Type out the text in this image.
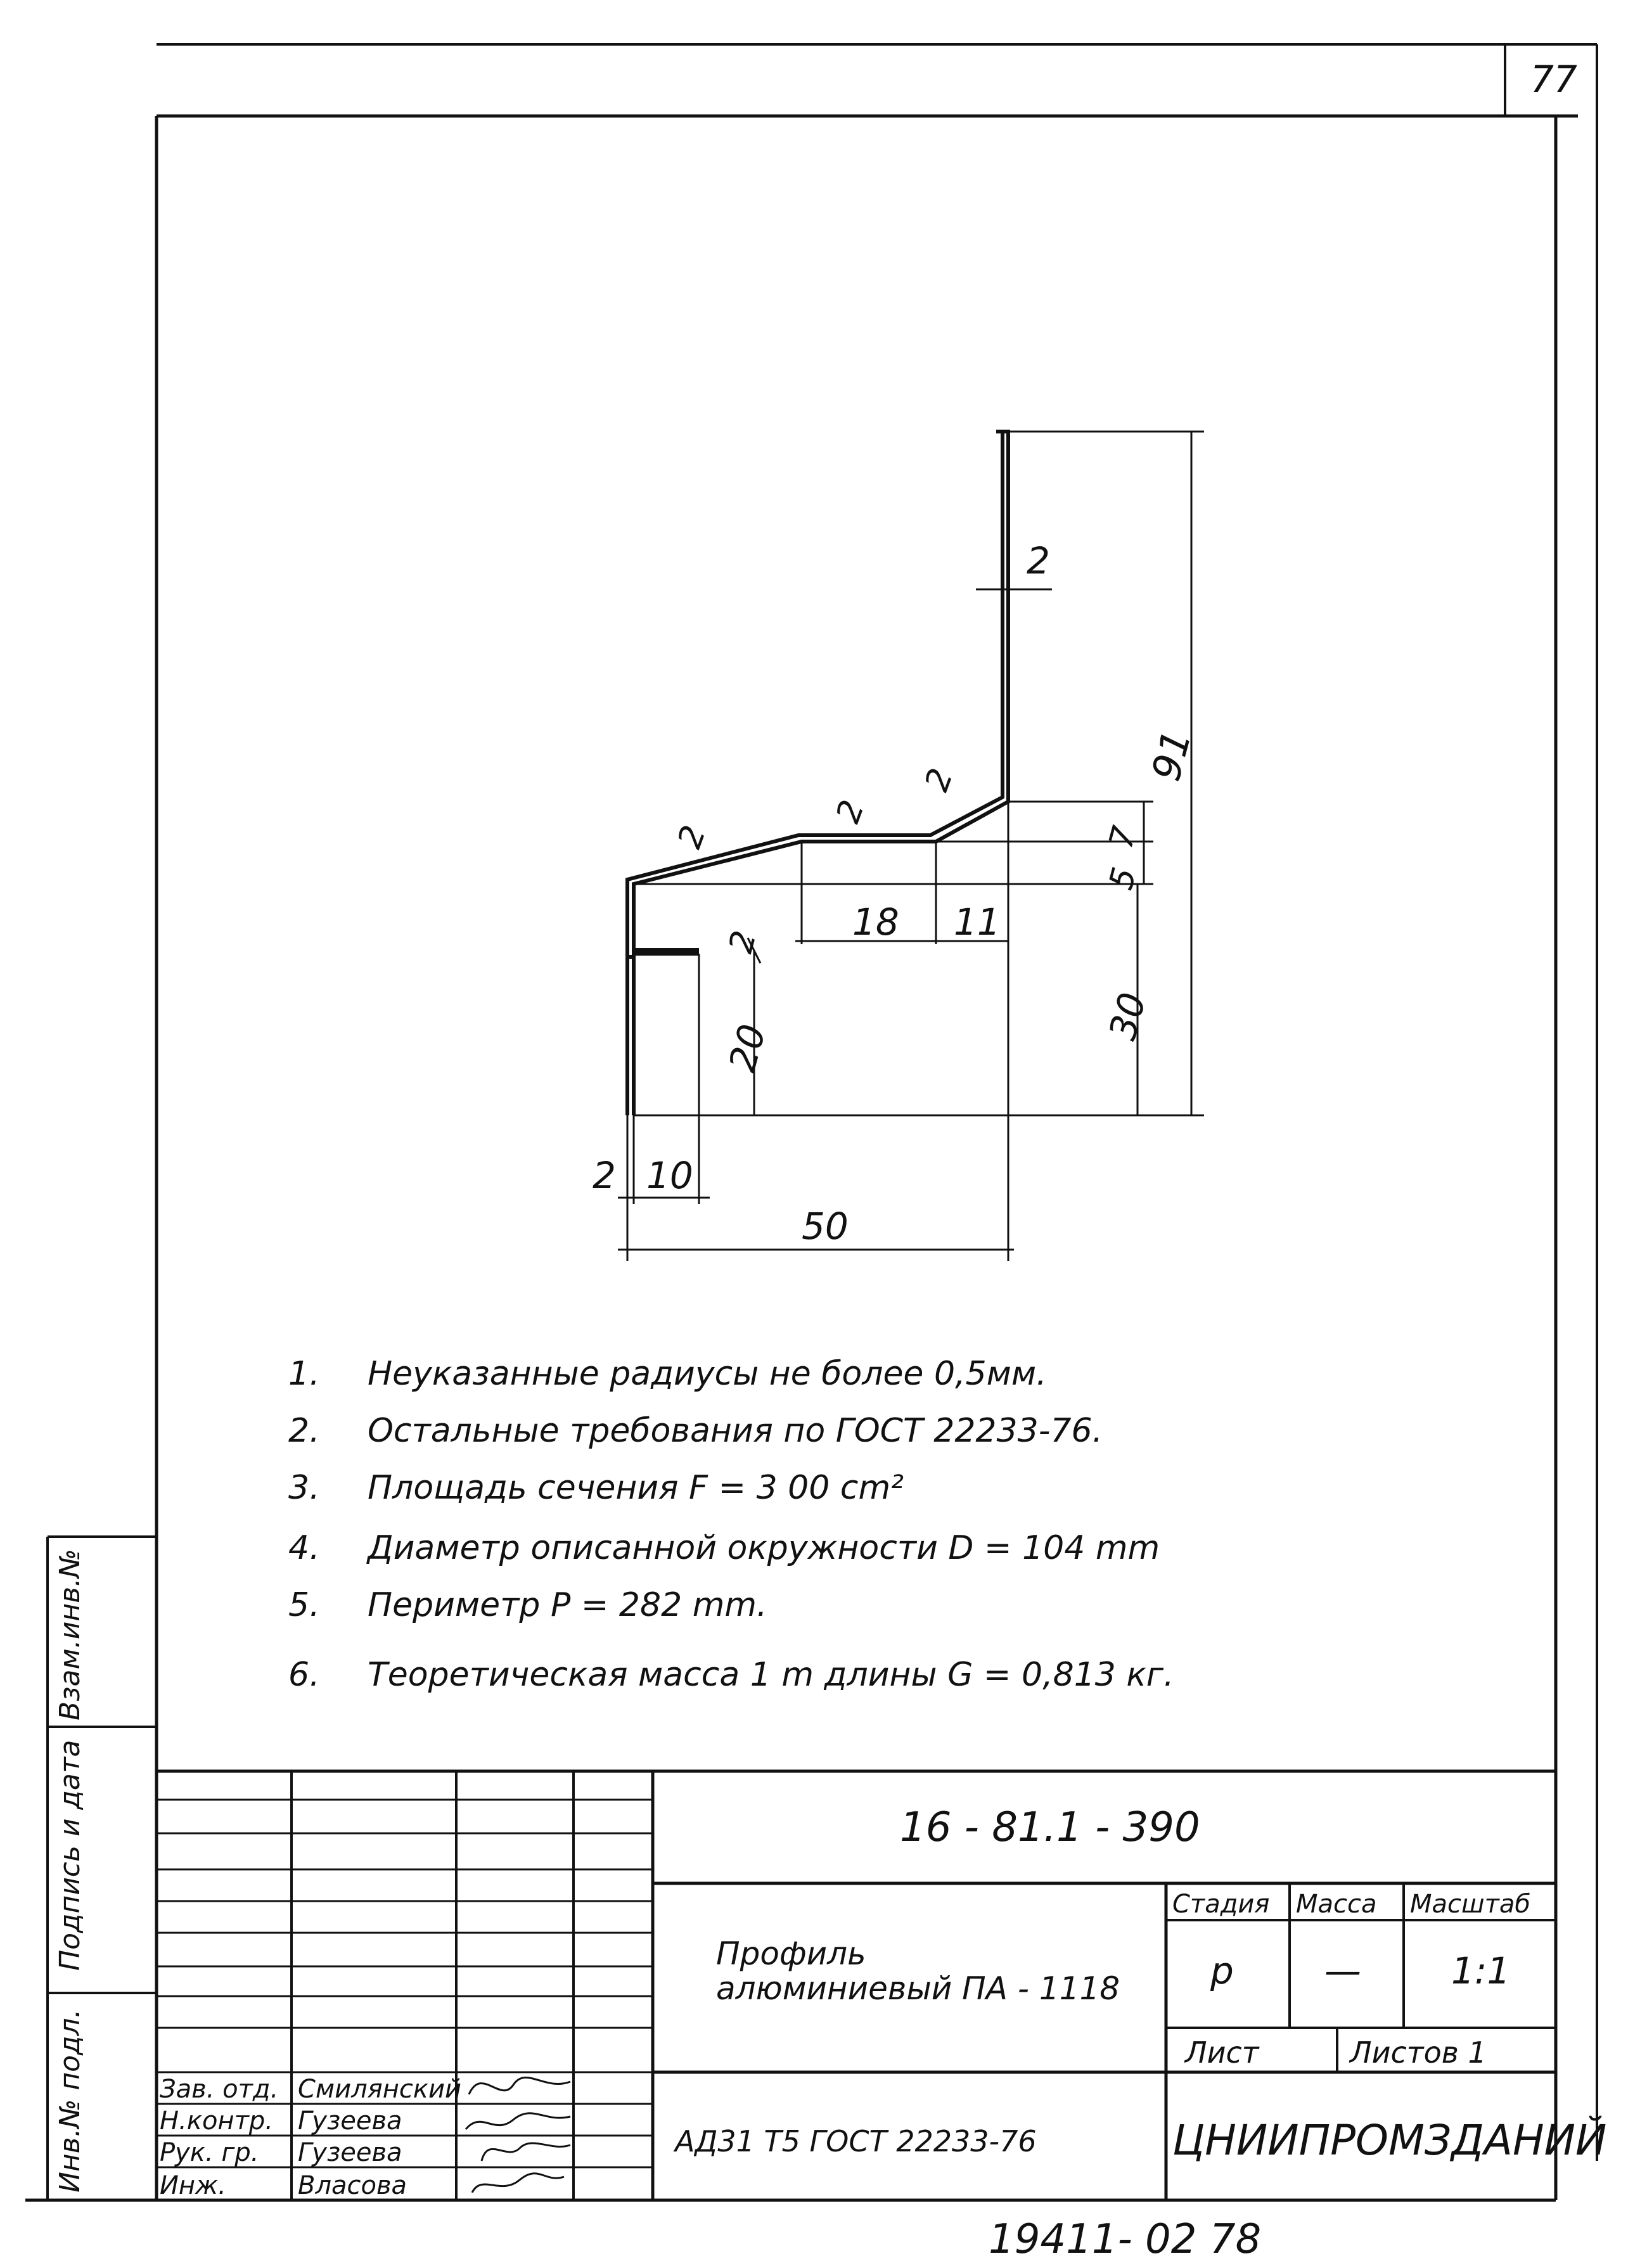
77
2
91
2
2
2	7
5
2 18 11
30
20
2 10
50
1. Неуказанные радиусы не более 0,5мм.
2. Остальные требования по ГОСТ 22233-76.
3. Площадь сечения F = 3 00 cm²
4. Диаметр описанной окружности D = 104 mm
5. Периметр P = 282 mm.
6. Теоретическая масса 1 m длины G = 0,813 кг.
Взам.инв.№
Подпись и дата
Инв.№ подл.
16 - 81.1 - 390
Профиль
алюминиевый ПА - 1118
Стадия Масса Масштаб
р — 1:1
Лист	Листов 1
АД31 Т5 ГОСТ 22233-76	ЦНИИПРОМЗДАНИЙ
Зав. отд. Смилянский
Н.контр. Гузеева
Рук. гр. Гузеева
Инж.	Власова
19411- 02 78
